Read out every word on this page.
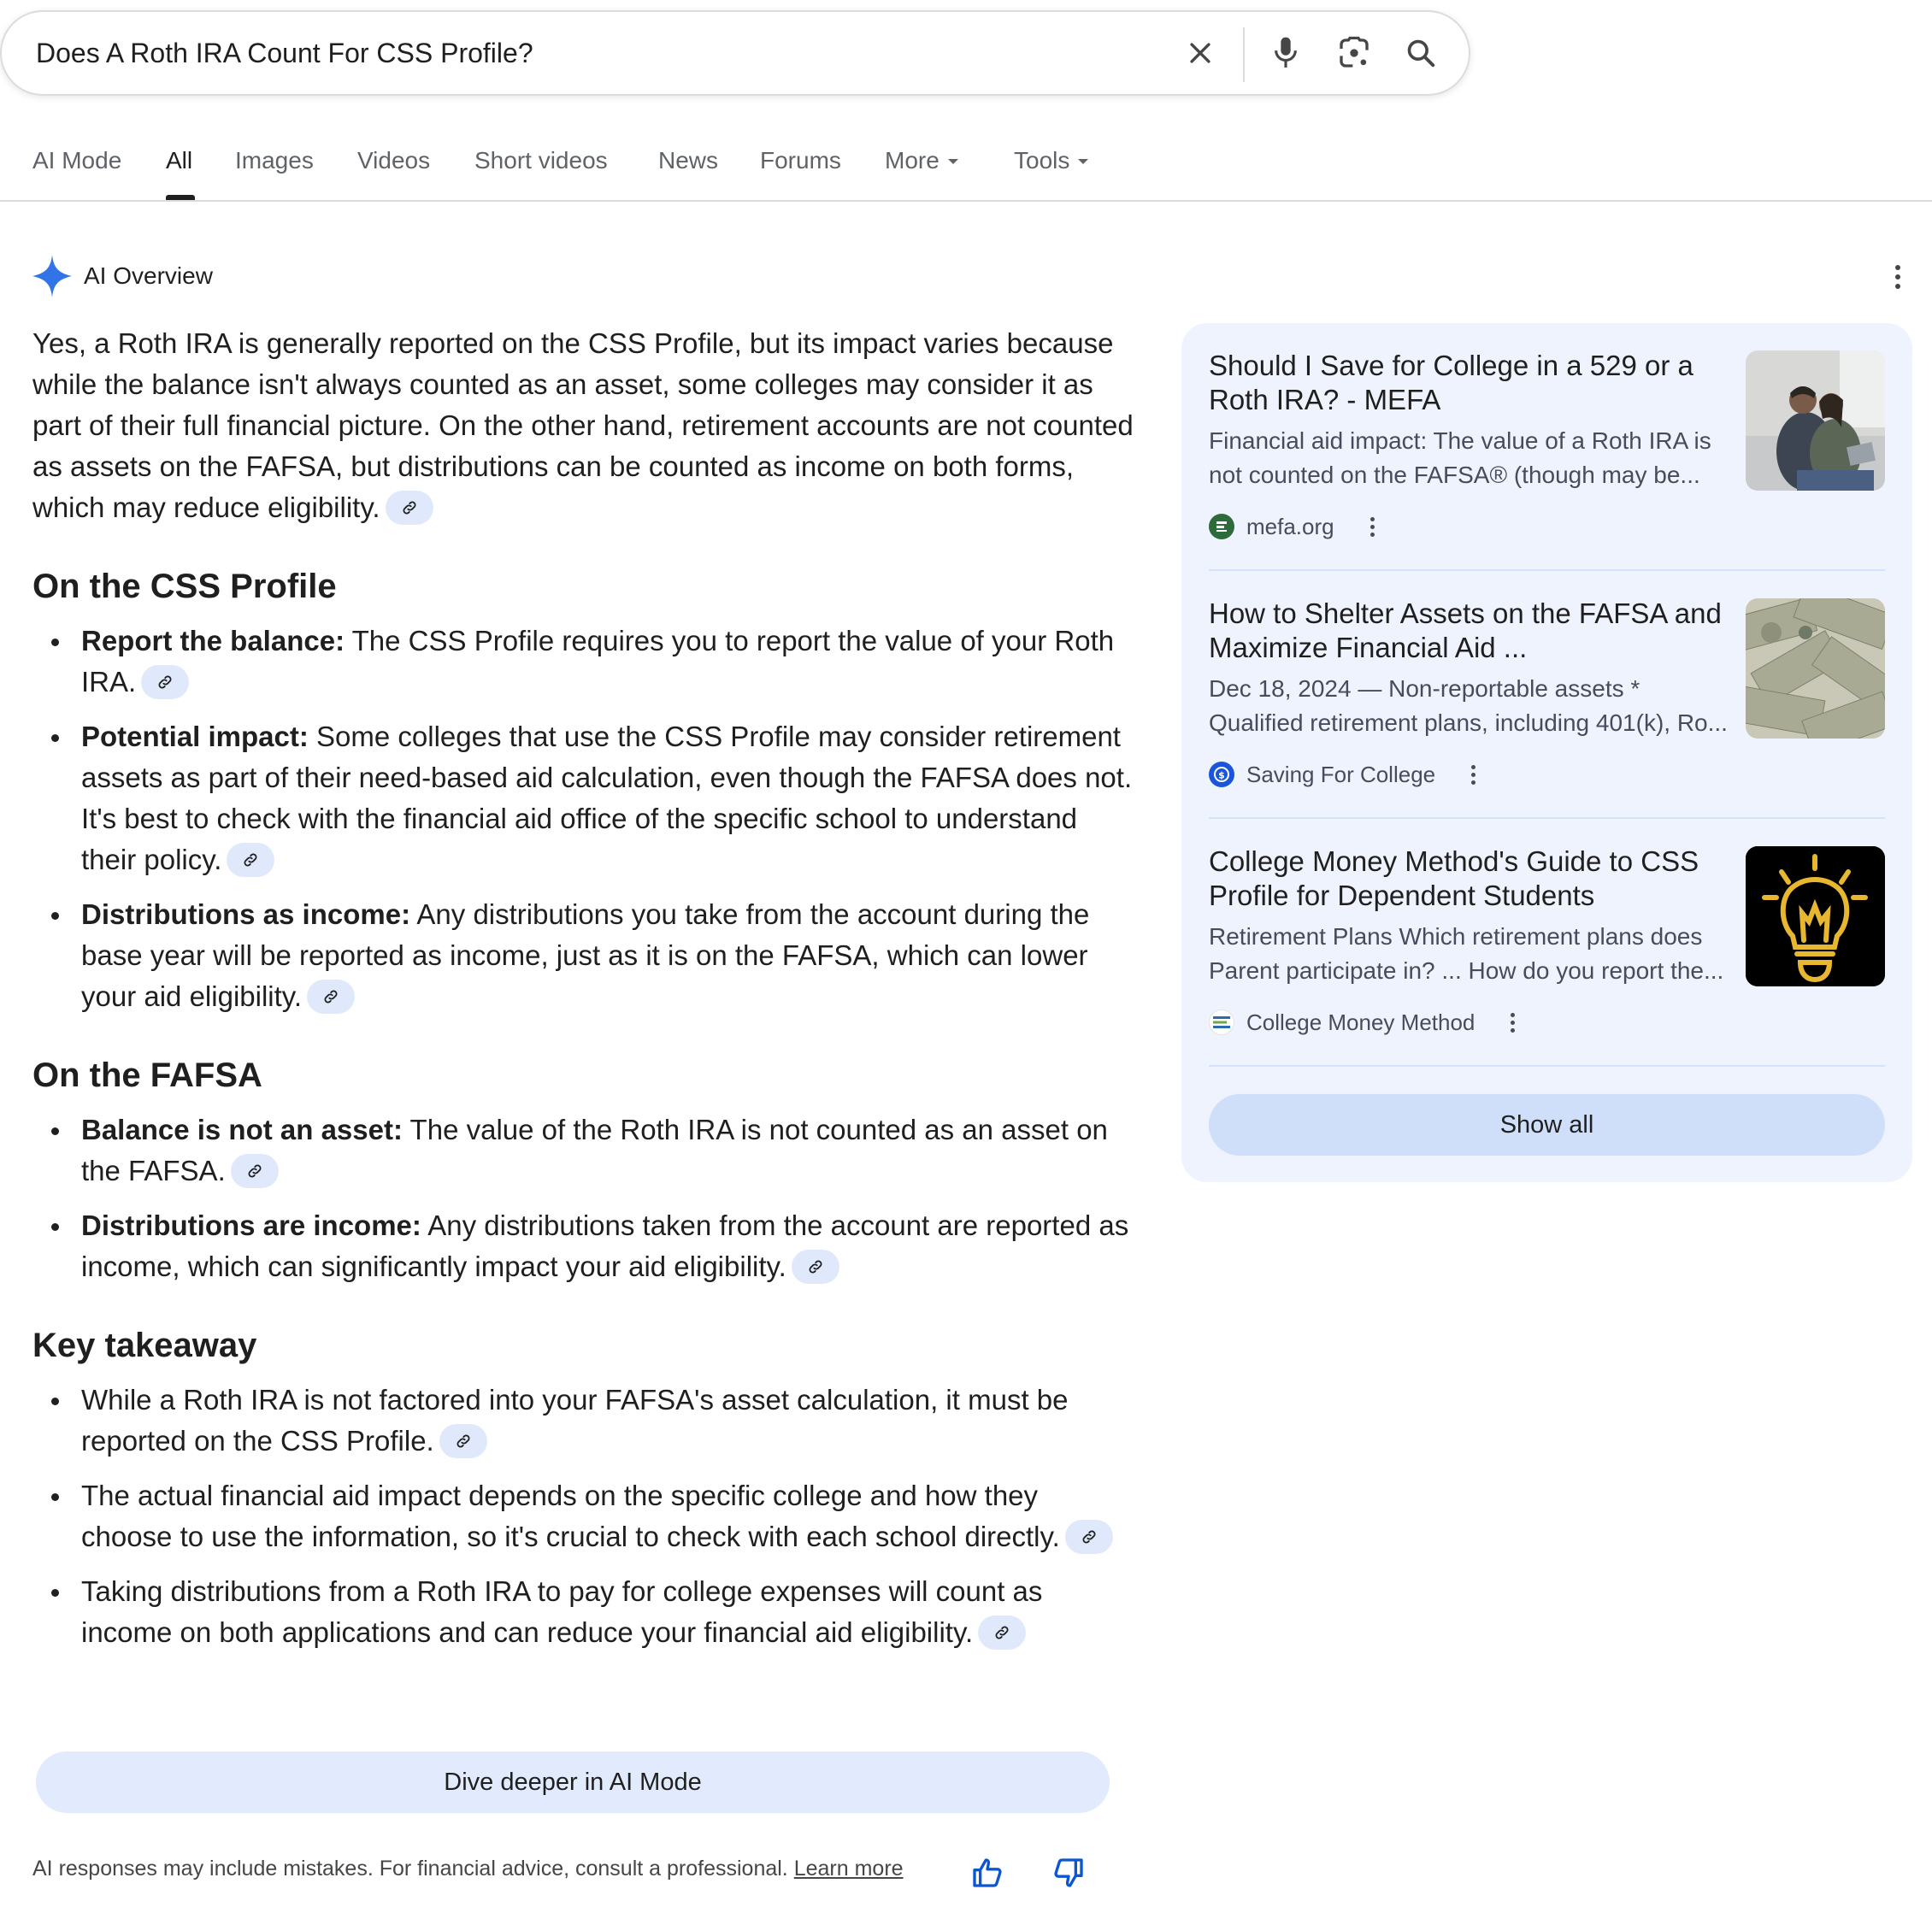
Does A Roth IRA Count For CSS Profile?
AI Mode All Images Videos Short videos News Forums More	Tools
AI Overview

Yes, a Roth IRA is generally reported on the CSS Profile, but its impact varies because while the balance isn't always counted as an asset, some colleges may consider it as part of their full financial picture. On the other hand, retirement accounts are not counted as assets on the FAFSA, but distributions can be counted as income on both forms, which may reduce eligibility.

On the CSS Profile
Report the balance: The CSS Profile requires you to report the value of your Roth IRA.
Potential impact: Some colleges that use the CSS Profile may consider retirement assets as part of their need-based aid calculation, even though the FAFSA does not. It's best to check with the financial aid office of the specific school to understand their policy.
Distributions as income: Any distributions you take from the account during the base year will be reported as income, just as it is on the FAFSA, which can lower your aid eligibility.
On the FAFSA
Balance is not an asset: The value of the Roth IRA is not counted as an asset on the FAFSA.
Distributions are income: Any distributions taken from the account are reported as income, which can significantly impact your aid eligibility.
Key takeaway
While a Roth IRA is not factored into your FAFSA's asset calculation, it must be reported on the CSS Profile.
The actual financial aid impact depends on the specific college and how they choose to use the information, so it's crucial to check with each school directly.
Taking distributions from a Roth IRA to pay for college expenses will count as income on both applications and can reduce your financial aid eligibility.
Dive deeper in AI Mode
AI responses may include mistakes. For financial advice, consult a professional. Learn more
Should I Save for College in a 529 or a Roth IRA? - MEFA
Financial aid impact: The value of a Roth IRA is not counted on the FAFSA® (though may be...
mefa.org
How to Shelter Assets on the FAFSA and Maximize Financial Aid ...
Dec 18, 2024 — Non-reportable assets * Qualified retirement plans, including 401(k), Ro...
$ Saving For College
College Money Method's Guide to CSS Profile for Dependent Students
Retirement Plans Which retirement plans does Parent participate in? ... How do you report the...
College Money Method
Show all
